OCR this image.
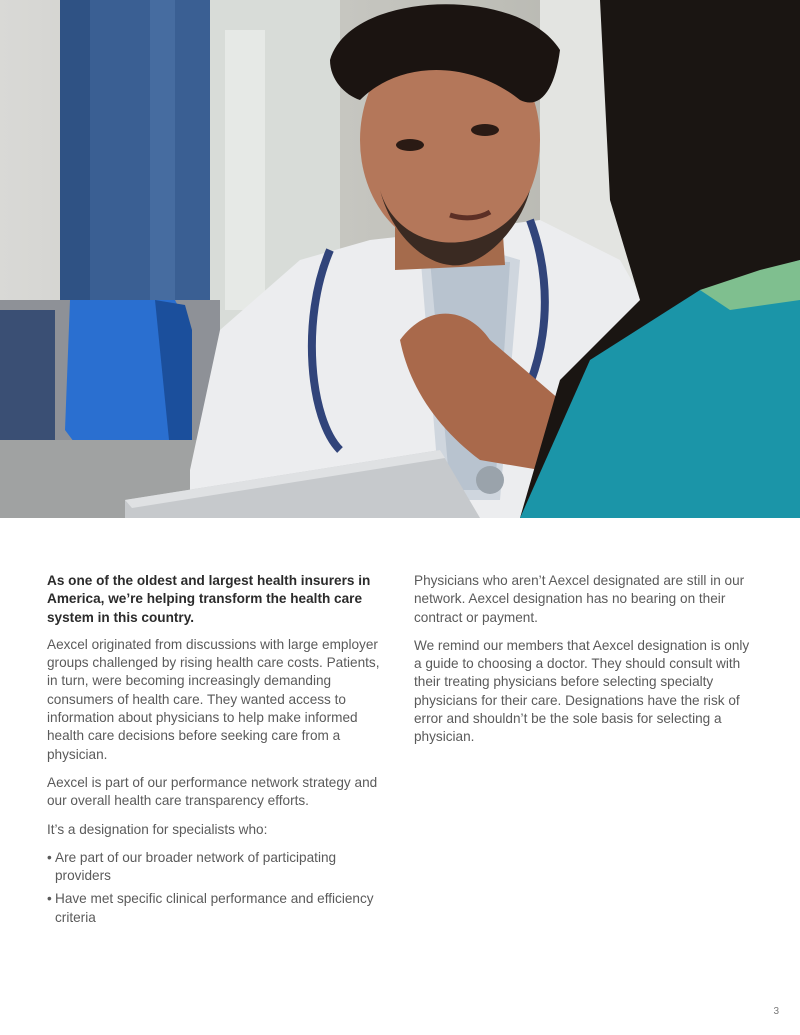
As one of the oldest and largest health insurers in America, we’re helping transform the health care system in this country.

Aexcel originated from discussions with large employer groups challenged by rising health care costs. Patients, in turn, were becoming increasingly demanding consumers of health care. They wanted access to information about physicians to help make informed health care decisions before seeking care from a physician.

Aexcel is part of our performance network strategy and our overall health care transparency efforts.

It’s a designation for specialists who:

• Are part of our broader network of participating providers
• Have met specific clinical performance and efficiency criteria

Physicians who aren’t Aexcel designated are still in our network. Aexcel designation has no bearing on their contract or payment.

We remind our members that Aexcel designation is only a guide to choosing a doctor. They should consult with their treating physicians before selecting specialty physicians for their care. Designations have the risk of error and shouldn’t be the sole basis for selecting a physician.

3
